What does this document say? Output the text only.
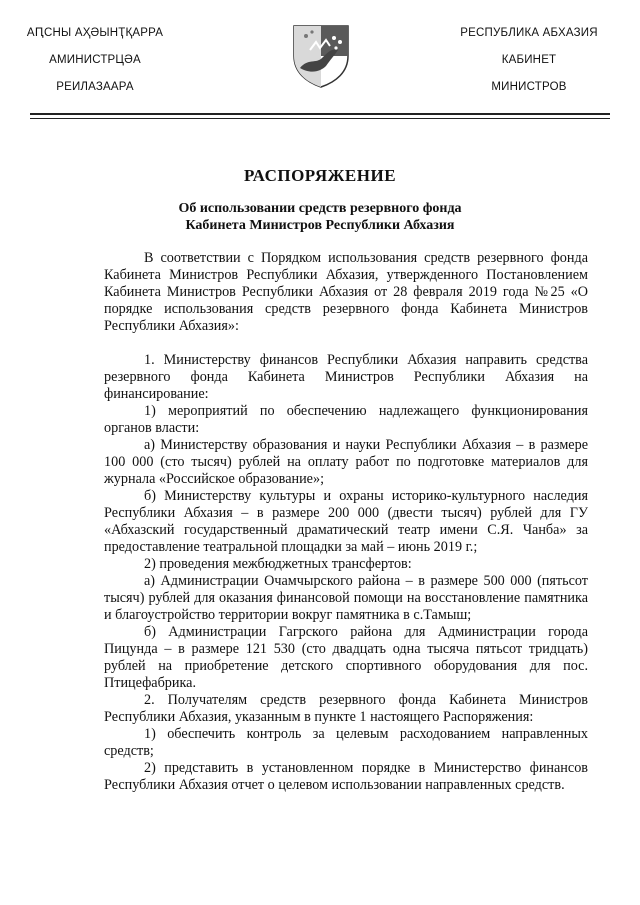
АԤСНЫ АҲӘЫНҬҚАРРА
АМИНИСТРЦӘА
РЕИЛАЗААРА
РЕСПУБЛИКА АБХАЗИЯ
КАБИНЕТ
МИНИСТРОВ
РАСПОРЯЖЕНИЕ
Об использовании средств резервного фонда
Кабинета Министров Республики Абхазия

В соответствии с Порядком использования средств резервного фонда Кабинета Министров Республики Абхазия, утвержденного Постановлением Кабинета Министров Республики Абхазия от 28 февраля 2019 года №25 «О порядке использования средств резервного фонда Кабинета Министров Республики Абхазия»:

1. Министерству финансов Республики Абхазия направить средства резервного фонда Кабинета Министров Республики Абхазия на финансирование:

1) мероприятий по обеспечению надлежащего функционирования органов власти:

а) Министерству образования и науки Республики Абхазия – в размере 100 000 (сто тысяч) рублей на оплату работ по подготовке материалов для журнала «Российское образование»;

б) Министерству культуры и охраны историко-культурного наследия Республики Абхазия – в размере 200 000 (двести тысяч) рублей для ГУ «Абхазский государственный драматический театр имени С.Я. Чанба» за предоставление театральной площадки за май – июнь 2019 г.;

2) проведения межбюджетных трансфертов:

а) Администрации Очамчырского района – в размере 500 000 (пятьсот тысяч) рублей для оказания финансовой помощи на восстановление памятника и благоустройство территории вокруг памятника в с.Тамыш;

б) Администрации Гагрского района для Администрации города Пицунда – в размере 121 530 (сто двадцать одна тысяча пятьсот тридцать) рублей на приобретение детского спортивного оборудования для пос. Птицефабрика.

2. Получателям средств резервного фонда Кабинета Министров Республики Абхазия, указанным в пункте 1 настоящего Распоряжения:

1) обеспечить контроль за целевым расходованием направленных средств;

2) представить в установленном порядке в Министерство финансов Республики Абхазия отчет о целевом использовании направленных средств.
